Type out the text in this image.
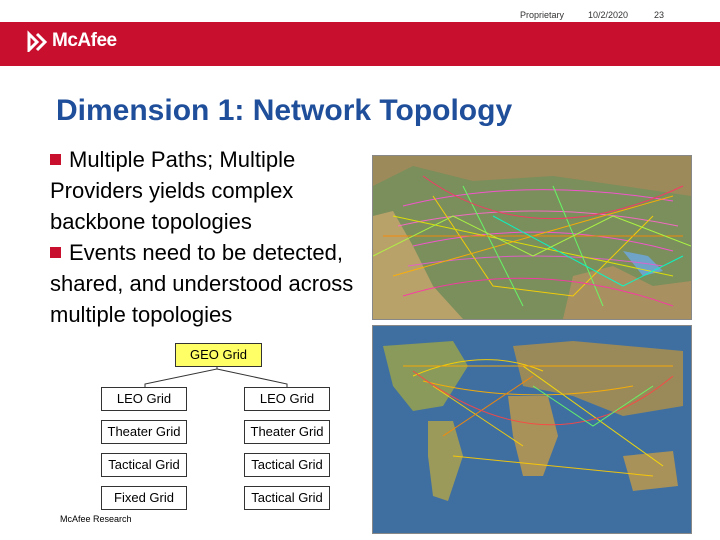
Proprietary	10/2/2020	23
McAfee
Dimension 1: Network Topology
Multiple Paths; Multiple Providers yields complex backbone topologies
Events need to be detected, shared, and understood across multiple topologies
GEO Grid
LEO Grid
Theater Grid
Tactical Grid
Fixed Grid
LEO Grid
Theater Grid
Tactical Grid
Tactical Grid
McAfee Research
